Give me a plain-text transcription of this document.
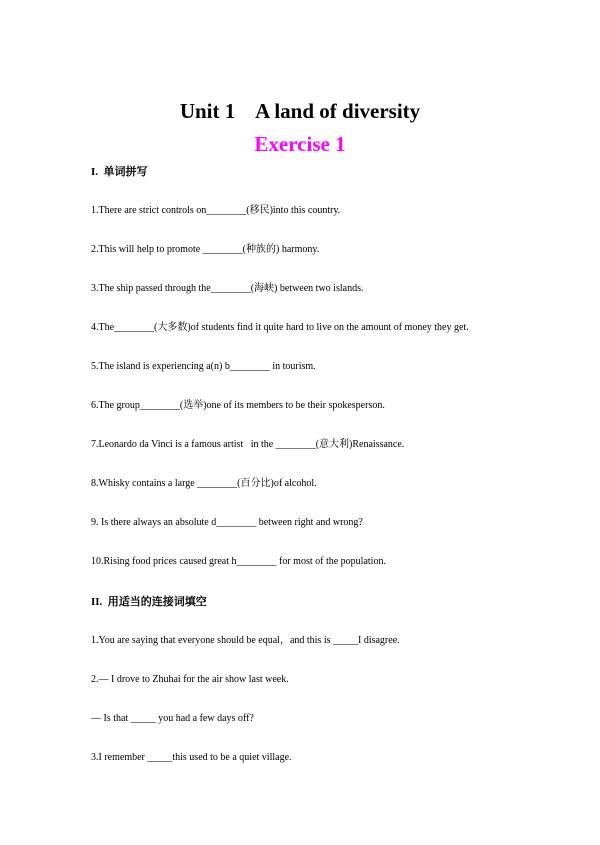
Unit 1    A land of diversity
Exercise 1
I.  单词拼写
1.There are strict controls on________(移民)into this country.
2.This will help to promote ________(种族的) harmony.
3.The ship passed through the________(海峡) between two islands.
4.The________(大多数)of students find it quite hard to live on the amount of money they get.
5.The island is experiencing a(n) b________ in tourism.
6.The group________(选举)one of its members to be their spokesperson.
7.Leonardo da Vinci is a famous artist   in the ________(意大利)Renaissance.
8.Whisky contains a large ________(百分比)of alcohol.
9. Is there always an absolute d________ between right and wrong?
10.Rising food prices caused great h________ for most of the population.
II.  用适当的连接词填空
1.You are saying that everyone should be equal，and this is _____I disagree.
2.— I drove to Zhuhai for the air show last week.
— Is that _____ you had a few days off?
3.I remember _____this used to be a quiet village.
